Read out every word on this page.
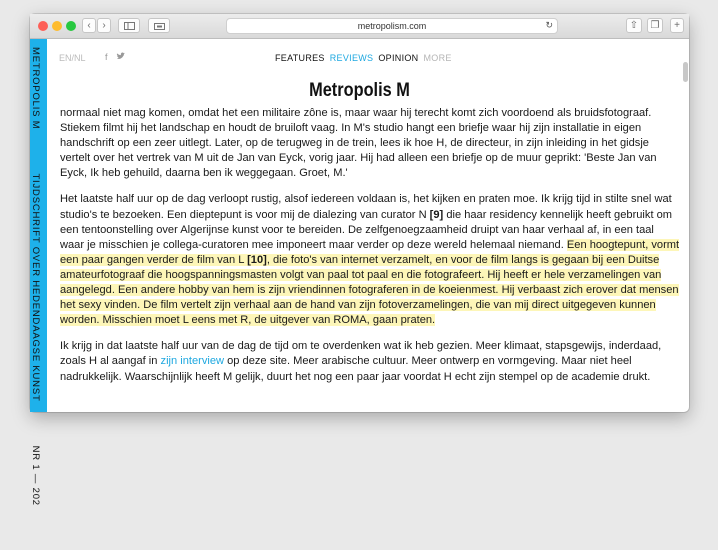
‹ ›	metropolism.com	↻	⇧ ❐ +
METROPOLIS MTIJDSCHRIFT OVER HEDENDAAGSE KUNSTNR 1 — 202
EN/NL f	FEATURES REVIEWS OPINION MORE
Metropolis M

normaal niet mag komen, omdat het een militaire zône is, maar waar hij terecht komt zich voordoend als bruidsfotograaf. Stiekem filmt hij het landschap en houdt de bruiloft vaag. In M's studio hangt een briefje waar hij zijn installatie in eigen handschrift op een zeer uitlegt. Later, op de terugweg in de trein, lees ik hoe H, de directeur, in zijn inleiding in het gidsje vertelt over het vertrek van M uit de Jan van Eyck, vorig jaar. Hij had alleen een briefje op de muur geprikt: 'Beste Jan van Eyck, Ik heb gehuild, daarna ben ik weggegaan. Groet, M.'

Het laatste half uur op de dag verloopt rustig, alsof iedereen voldaan is, het kijken en praten moe. Ik krijg tijd in stilte snel wat studio's te bezoeken. Een dieptepunt is voor mij de dialezing van curator N [9] die haar residency kennelijk heeft gebruikt om een tentoonstelling over Algerijnse kunst voor te bereiden. De zelfgenoegzaamheid druipt van haar verhaal af, in een taal waar je misschien je collega-curatoren mee imponeert maar verder op deze wereld helemaal niemand. Een hoogtepunt, vormt een paar gangen verder de film van L [10], die foto's van internet verzamelt, en voor de film langs is gegaan bij een Duitse amateurfotograaf die hoogspanningsmasten volgt van paal tot paal en die fotografeert. Hij heeft er hele verzamelingen van aangelegd. Een andere hobby van hem is zijn vriendinnen fotograferen in de koeienmest. Hij verbaast zich erover dat mensen het sexy vinden. De film vertelt zijn verhaal aan de hand van zijn fotoverzamelingen, die van mij direct uitgegeven kunnen worden. Misschien moet L eens met R, de uitgever van ROMA, gaan praten.

Ik krijg in dat laatste half uur van de dag de tijd om te overdenken wat ik heb gezien. Meer klimaat, stapsgewijs, inderdaad, zoals H al aangaf in zijn interview op deze site. Meer arabische cultuur. Meer ontwerp en vormgeving. Maar niet heel nadrukkelijk. Waarschijnlijk heeft M gelijk, duurt het nog een paar jaar voordat H echt zijn stempel op de academie drukt.
